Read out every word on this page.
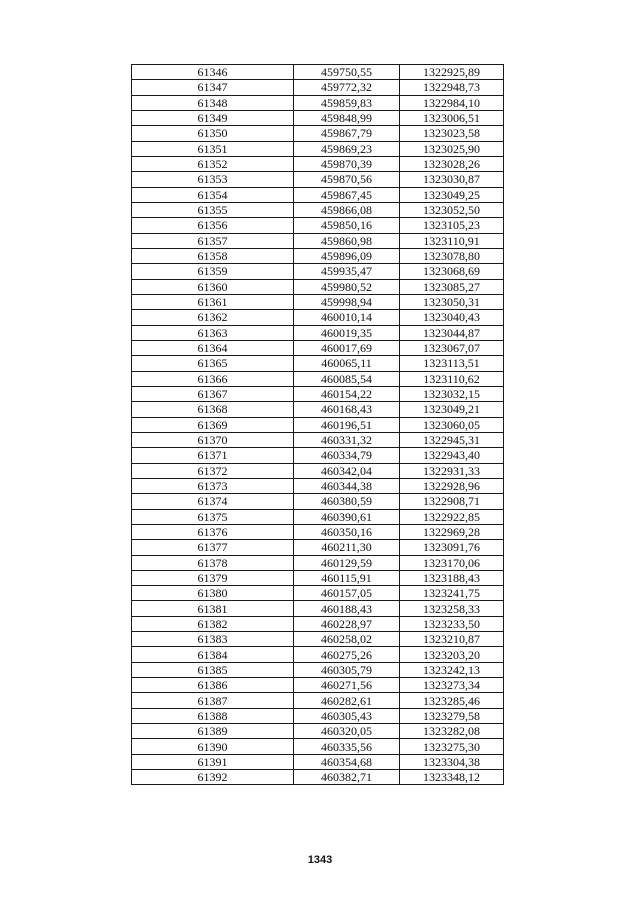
61346	459750,55	1322925,89
61347	459772,32	1322948,73
61348	459859,83	1322984,10
61349	459848,99	1323006,51
61350	459867,79	1323023,58
61351	459869,23	1323025,90
61352	459870,39	1323028,26
61353	459870,56	1323030,87
61354	459867,45	1323049,25
61355	459866,08	1323052,50
61356	459850,16	1323105,23
61357	459860,98	1323110,91
61358	459896,09	1323078,80
61359	459935,47	1323068,69
61360	459980,52	1323085,27
61361	459998,94	1323050,31
61362	460010,14	1323040,43
61363	460019,35	1323044,87
61364	460017,69	1323067,07
61365	460065,11	1323113,51
61366	460085,54	1323110,62
61367	460154,22	1323032,15
61368	460168,43	1323049,21
61369	460196,51	1323060,05
61370	460331,32	1322945,31
61371	460334,79	1322943,40
61372	460342,04	1322931,33
61373	460344,38	1322928,96
61374	460380,59	1322908,71
61375	460390,61	1322922,85
61376	460350,16	1322969,28
61377	460211,30	1323091,76
61378	460129,59	1323170,06
61379	460115,91	1323188,43
61380	460157,05	1323241,75
61381	460188,43	1323258,33
61382	460228,97	1323233,50
61383	460258,02	1323210,87
61384	460275,26	1323203,20
61385	460305,79	1323242,13
61386	460271,56	1323273,34
61387	460282,61	1323285,46
61388	460305,43	1323279,58
61389	460320,05	1323282,08
61390	460335,56	1323275,30
61391	460354,68	1323304,38
61392	460382,71	1323348,12
1343
